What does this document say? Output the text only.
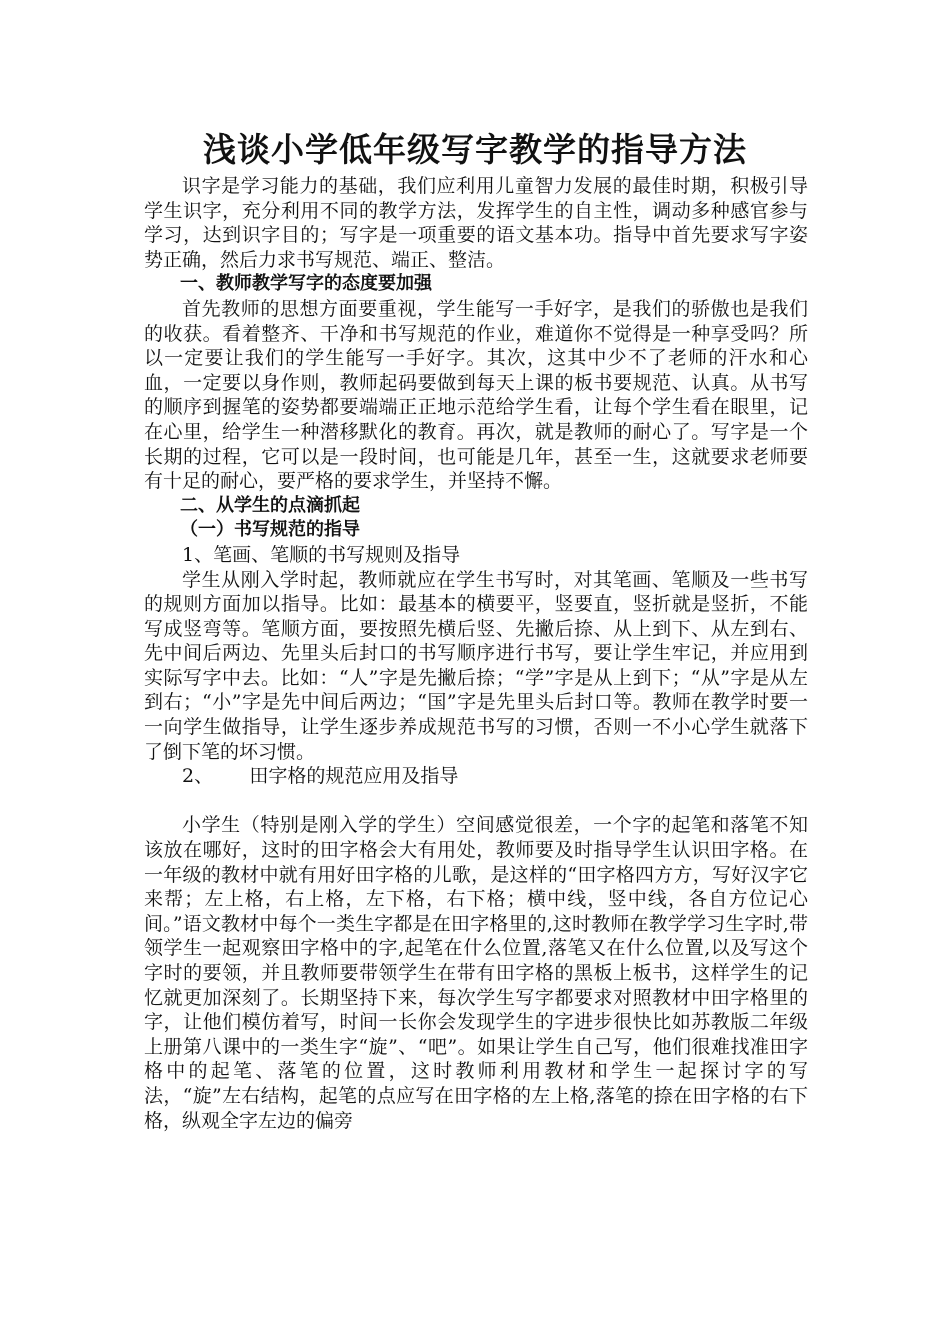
浅谈小学低年级写字教学的指导方法

识字是学习能力的基础，我们应利用儿童智力发展的最佳时期，积极引导学生识字，充分利用不同的教学方法，发挥学生的自主性，调动多种感官参与学习，达到识字目的；写字是一项重要的语文基本功。指导中首先要求写字姿势正确，然后力求书写规范、端正、整洁。

一、教师教学写字的态度要加强

首先教师的思想方面要重视，学生能写一手好字，是我们的骄傲也是我们的收获。看着整齐、干净和书写规范的作业，难道你不觉得是一种享受吗？所以一定要让我们的学生能写一手好字。其次，这其中少不了老师的汗水和心血，一定要以身作则，教师起码要做到每天上课的板书要规范、认真。从书写的顺序到握笔的姿势都要端端正正地示范给学生看，让每个学生看在眼里，记在心里，给学生一种潜移默化的教育。再次，就是教师的耐心了。写字是一个长期的过程，它可以是一段时间，也可能是几年，甚至一生，这就要求老师要有十足的耐心，要严格的要求学生，并坚持不懈。

二、从学生的点滴抓起

（一）书写规范的指导

1、笔画、笔顺的书写规则及指导

学生从刚入学时起，教师就应在学生书写时，对其笔画、笔顺及一些书写的规则方面加以指导。比如：最基本的横要平，竖要直，竖折就是竖折，不能写成竖弯等。笔顺方面，要按照先横后竖、先撇后捺、从上到下、从左到右、先中间后两边、先里头后封口的书写顺序进行书写，要让学生牢记，并应用到实际写字中去。比如：“人”字是先撇后捺；“学”字是从上到下；“从”字是从左到右；“小”字是先中间后两边；“国”字是先里头后封口等。教师在教学时要一一向学生做指导，让学生逐步养成规范书写的习惯，否则一不小心学生就落下了倒下笔的坏习惯。

2、      田字格的规范应用及指导

小学生（特别是刚入学的学生）空间感觉很差，一个字的起笔和落笔不知该放在哪好，这时的田字格会大有用处，教师要及时指导学生认识田字格。在一年级的教材中就有用好田字格的儿歌，是这样的“田字格四方方，写好汉字它来帮；左上格，右上格，左下格，右下格；横中线，竖中线，各自方位记心间。”语文教材中每个一类生字都是在田字格里的,这时教师在教学学习生字时,带领学生一起观察田字格中的字,起笔在什么位置,落笔又在什么位置,以及写这个字时的要领，并且教师要带领学生在带有田字格的黑板上板书，这样学生的记忆就更加深刻了。长期坚持下来，每次学生写字都要求对照教材中田字格里的字，让他们模仿着写，时间一长你会发现学生的字进步很快比如苏教版二年级上册第八课中的一类生字“旋”、“吧”。如果让学生自己写，他们很难找准田字格中的起笔、落笔的位置，这时教师利用教材和学生一起探讨字的写法，“旋”左右结构，起笔的点应写在田字格的左上格,落笔的捺在田字格的右下格，纵观全字左边的偏旁
